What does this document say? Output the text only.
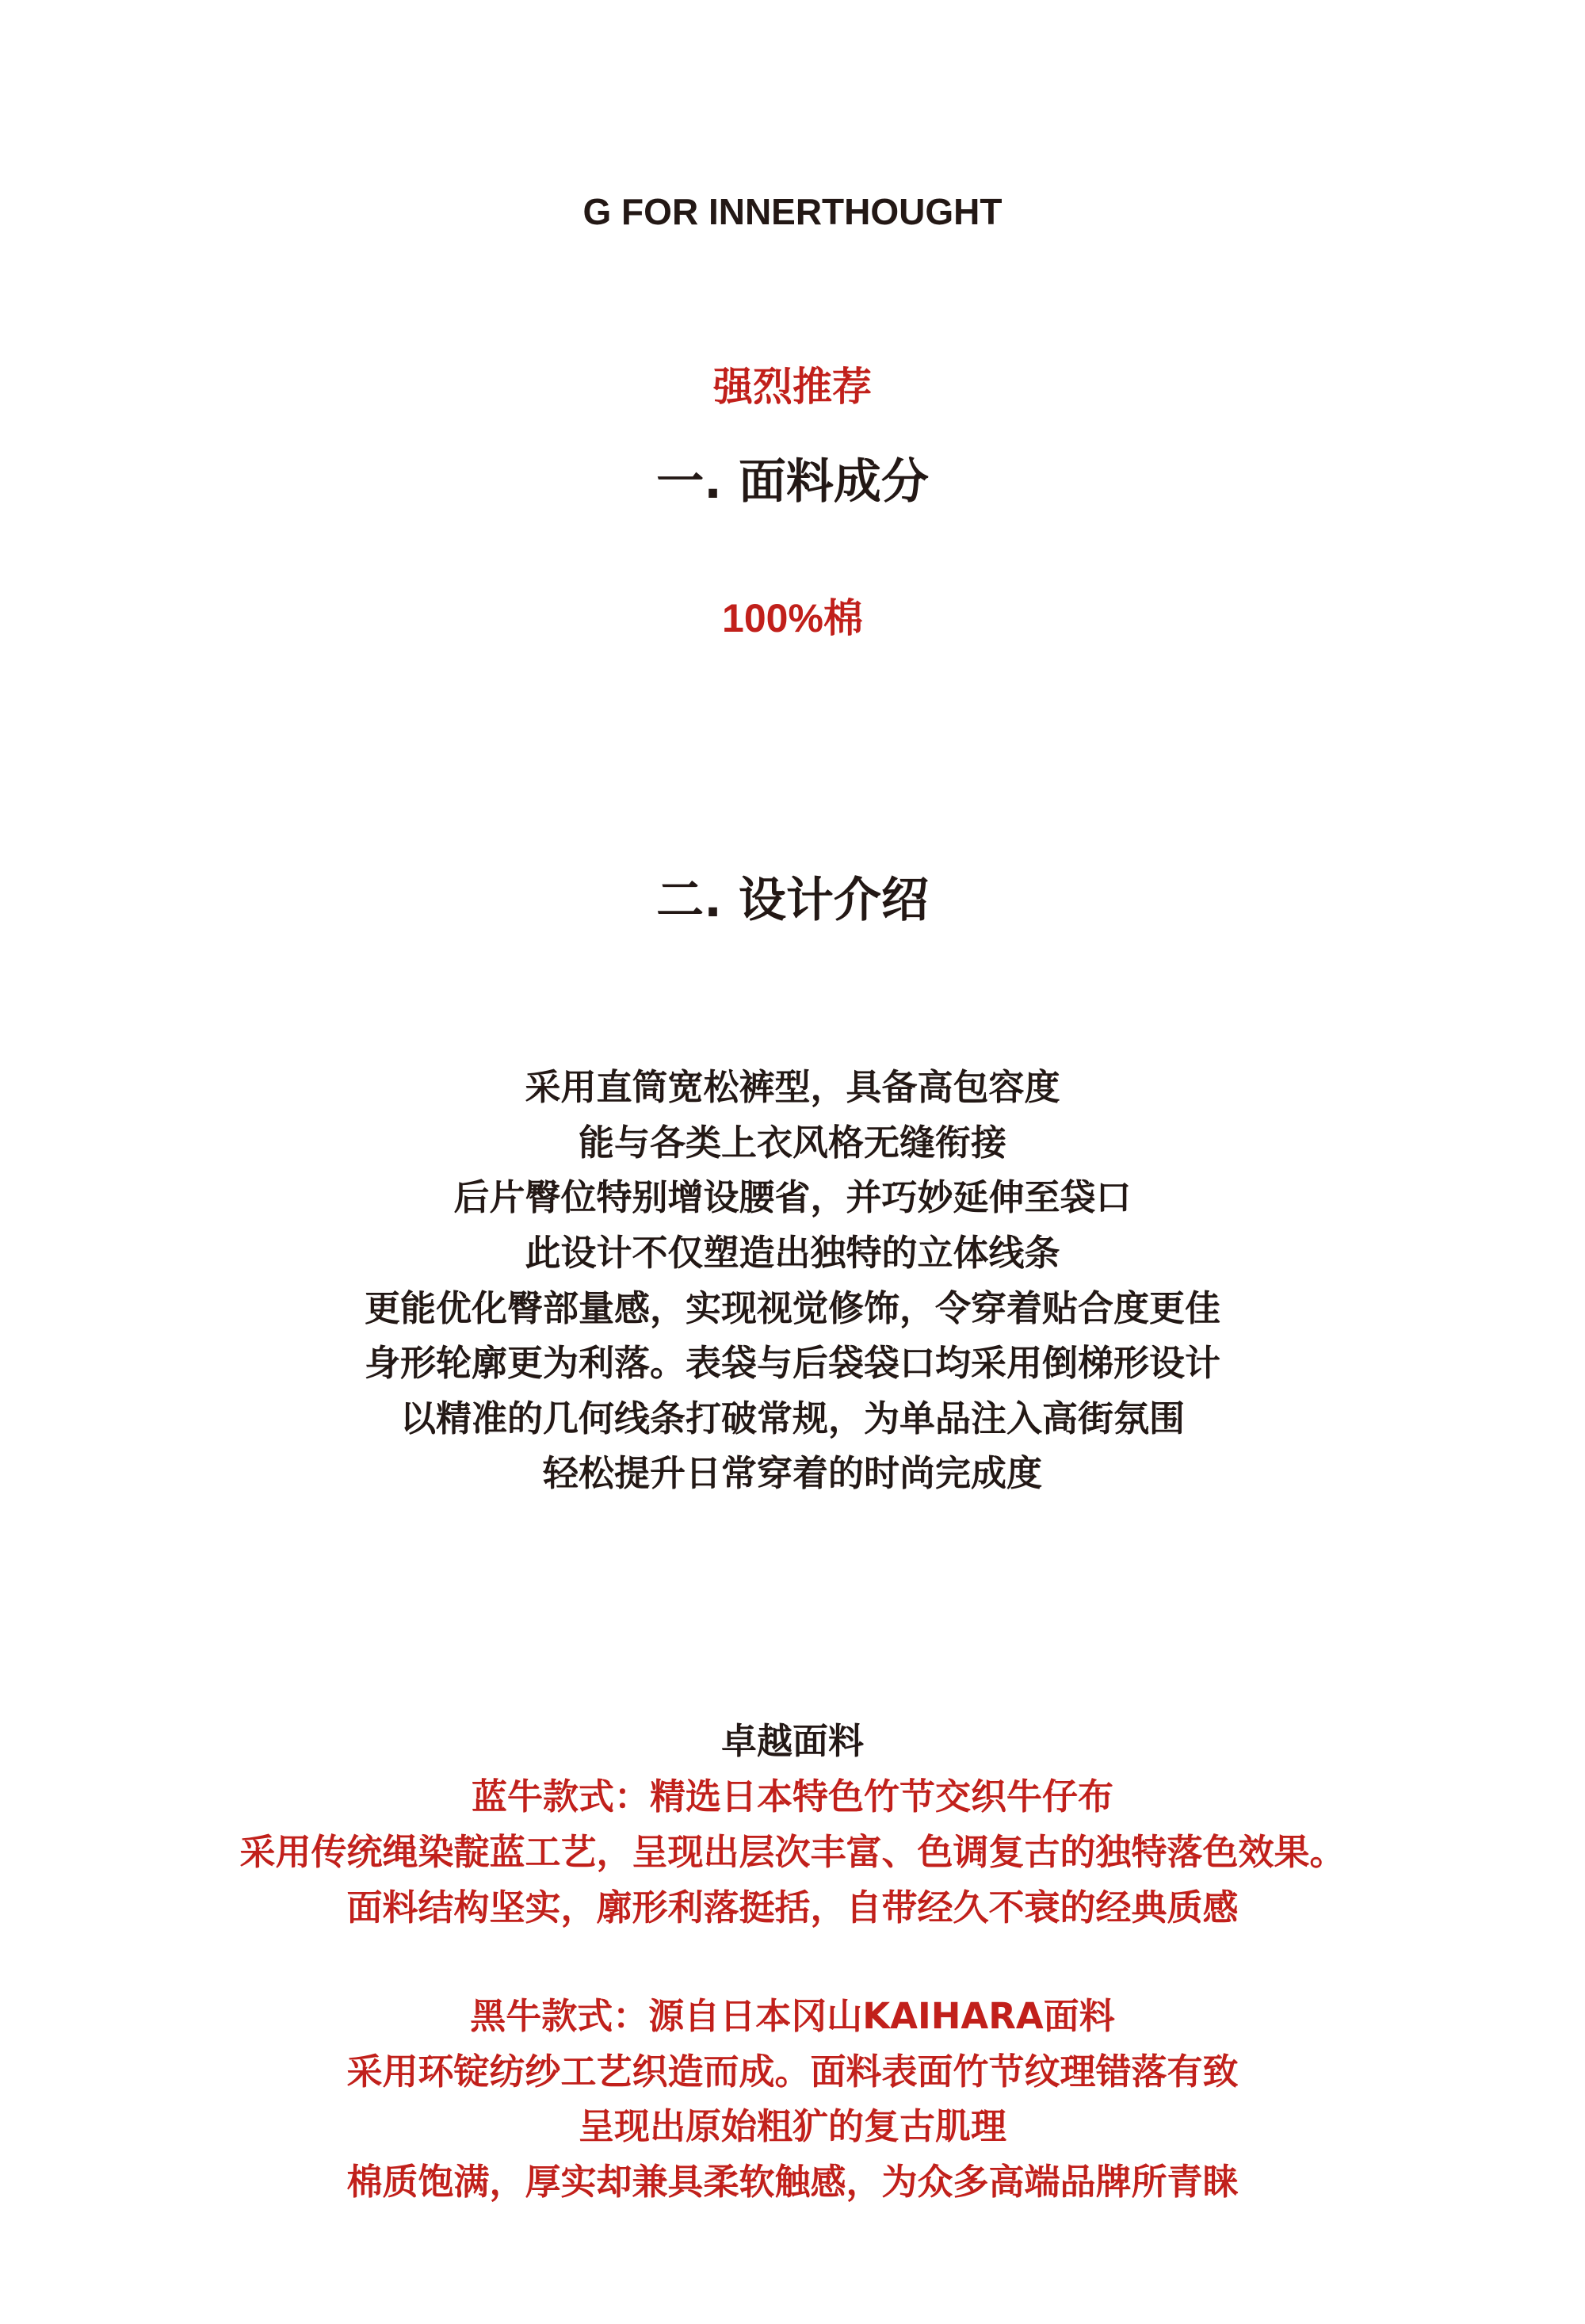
G FOR INNERTHOUGHT
强烈推荐
一. 面料成分
100%棉
二. 设计介绍
采用直筒宽松裤型，具备高包容度
能与各类上衣风格无缝衔接
后片臀位特别增设腰省，并巧妙延伸至袋口
此设计不仅塑造出独特的立体线条
更能优化臀部量感，实现视觉修饰，令穿着贴合度更佳
身形轮廓更为利落。表袋与后袋袋口均采用倒梯形设计
以精准的几何线条打破常规，为单品注入高街氛围
轻松提升日常穿着的时尚完成度
卓越面料
蓝牛款式：精选日本特色竹节交织牛仔布
采用传统绳染靛蓝工艺，呈现出层次丰富、色调复古的独特落色效果。
面料结构坚实，廓形利落挺括，自带经久不衰的经典质感
黑牛款式：源自日本冈山KAIHARA面料
采用环锭纺纱工艺织造而成。面料表面竹节纹理错落有致
呈现出原始粗犷的复古肌理
棉质饱满，厚实却兼具柔软触感，为众多高端品牌所青睐
